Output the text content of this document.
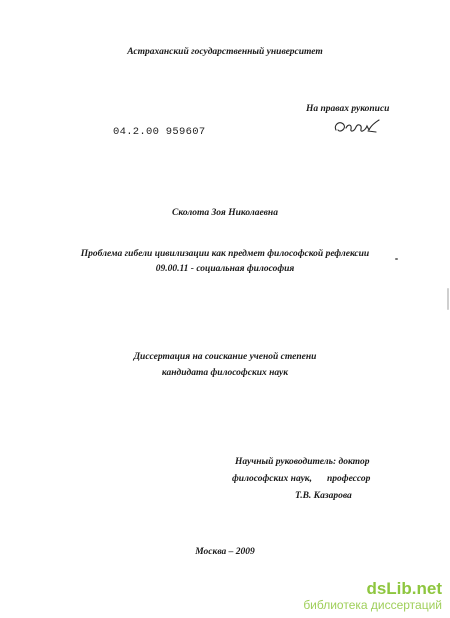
Астраханский государственный университет
На правах рукописи
04.2.00 959607
Сколота Зоя Николаевна
Проблема гибели цивилизации как предмет философской рефлексии
09.00.11 - социальная философия
Диссертация на соискание ученой степени
кандидата философских наук
Научный руководитель: доктор
философских наук, профессор
Т.В. Казарова
Москва – 2009
dsLib.net
библиотека диссертаций
